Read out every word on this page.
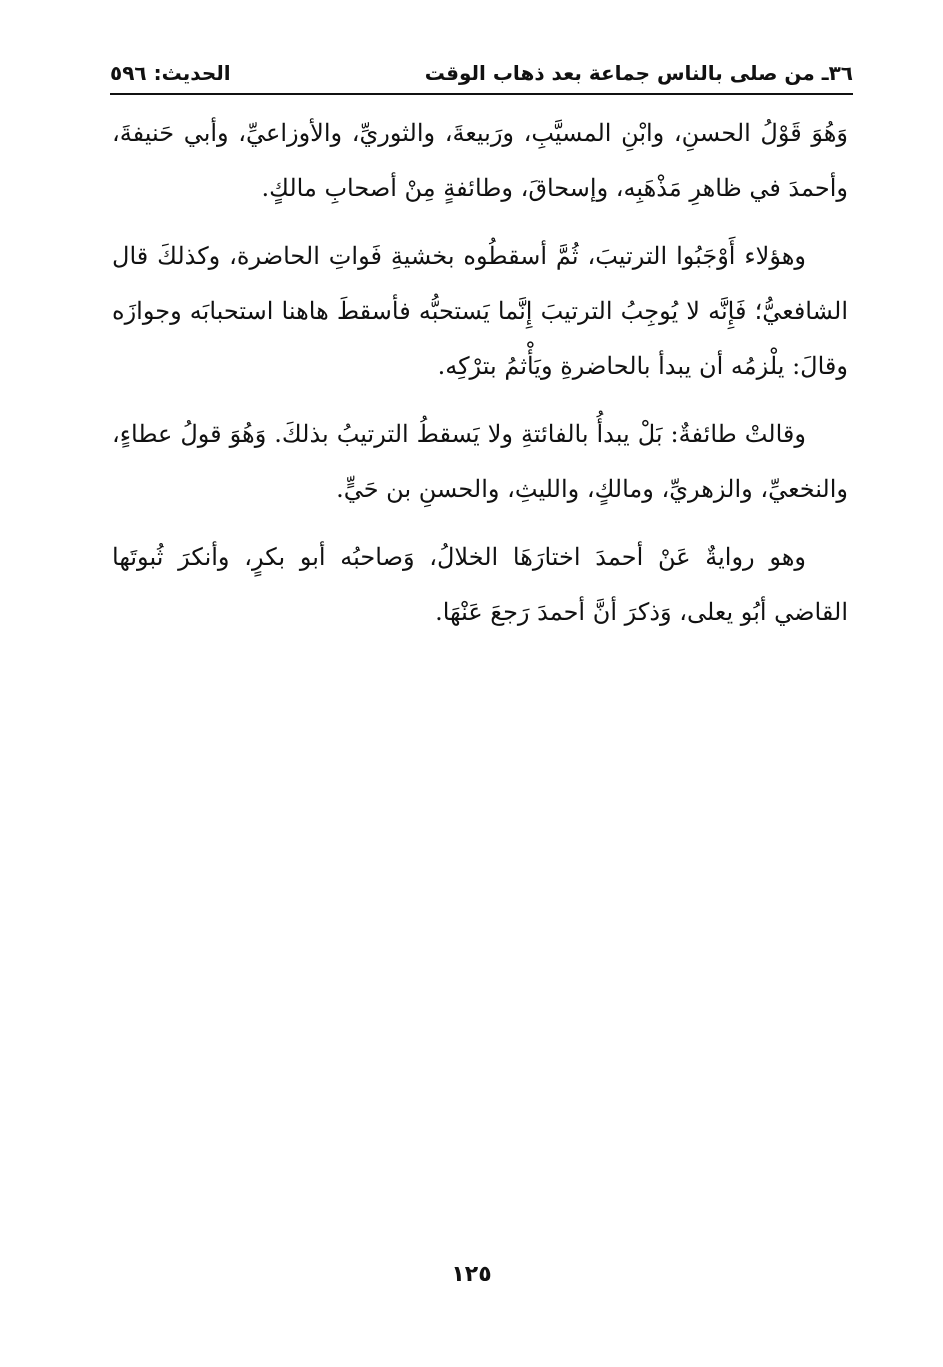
٣٦ـ من صلى بالناس جماعة بعد ذهاب الوقت
الحديث: ٥٩٦

وَهُوَ قَوْلُ الحسنِ، وابْنِ المسيَّبِ، ورَبيعةَ، والثوريِّ، والأوزاعيِّ، وأبي حَنيفةَ، وأحمدَ في ظاهرِ مَذْهَبِه، وإسحاقَ، وطائفةٍ مِنْ أصحابِ مالكٍ.

وهؤلاء أَوْجَبُوا الترتيبَ، ثُمَّ أسقطُوه بخشيةِ فَواتِ الحاضرة، وكذلكَ قال الشافعيُّ؛ فَإِنَّه لا يُوجِبُ الترتيبَ إِنَّما يَستحبُّه فأسقطَ هاهنا استحبابَه وجوازَه وقالَ: يلْزمُه أن يبدأ بالحاضرةِ ويَأْثمُ بترْكِه.

وقالتْ طائفةٌ: بَلْ يبدأُ بالفائتةِ ولا يَسقطُ الترتيبُ بذلكَ. وَهُوَ قولُ عطاءٍ، والنخعيِّ، والزهريِّ، ومالكٍ، والليثِ، والحسنِ بن حَيٍّ.

وهو روايةٌ عَنْ أحمدَ اختارَهَا الخلالُ، وَصاحبُه أبو بكرٍ، وأنكرَ ثُبوتَها القاضي أبُو يعلى، وَذكرَ أنَّ أحمدَ رَجعَ عَنْهَا.

١٢٥
